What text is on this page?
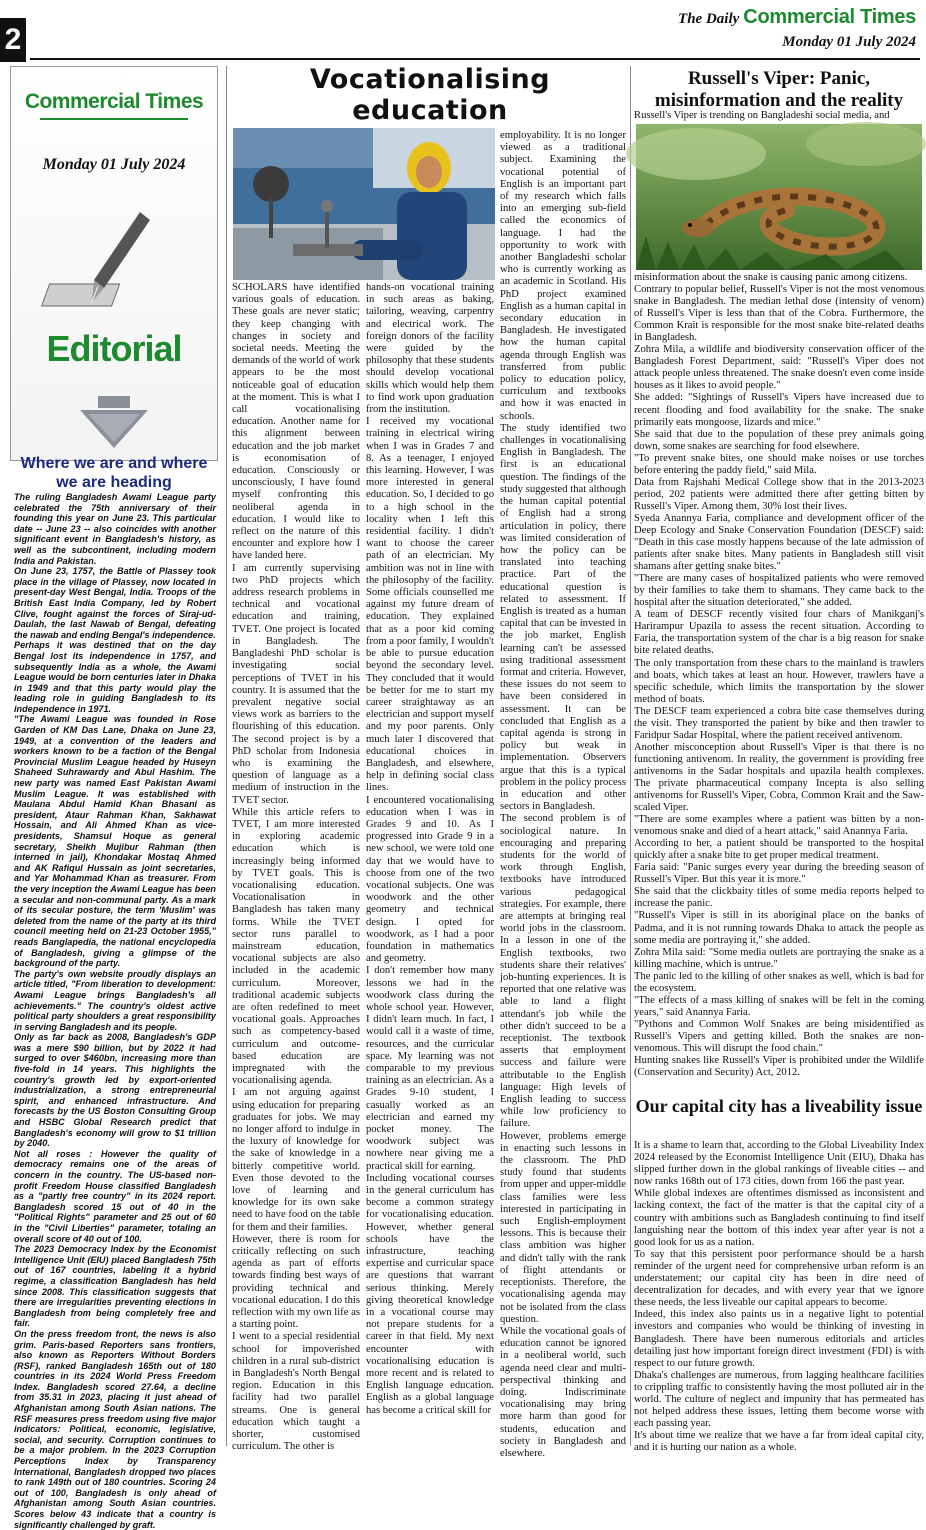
2
The Daily Commercial Times
Monday 01 July 2024
Commercial Times
Monday 01 July 2024
Editorial
Where we are and where we are heading

The ruling Bangladesh Awami League party celebrated the 75th anniversary of their founding this year on June 23. This particular date -- June 23 -- also coincides with another significant event in Bangladesh's history, as well as the subcontinent, including modern India and Pakistan.

On June 23, 1757, the Battle of Plassey took place in the village of Plassey, now located in present-day West Bengal, India. Troops of the British East India Company, led by Robert Clive, fought against the forces of Siraj-ud-Daulah, the last Nawab of Bengal, defeating the nawab and ending Bengal's independence.

Perhaps it was destined that on the day Bengal lost its independence in 1757, and subsequently India as a whole, the Awami League would be born centuries later in Dhaka in 1949 and that this party would play the leading role in guiding Bangladesh to its independence in 1971.

"The Awami League was founded in Rose Garden of KM Das Lane, Dhaka on June 23, 1949, at a convention of the leaders and workers known to be a faction of the Bengal Provincial Muslim League headed by Huseyn Shaheed Suhrawardy and Abul Hashim. The new party was named East Pakistan Awami Muslim League. It was established with Maulana Abdul Hamid Khan Bhasani as president, Ataur Rahman Khan, Sakhawat Hossain, and Ali Ahmed Khan as vice-presidents, Shamsul Hoque as general secretary, Sheikh Mujibur Rahman (then interned in jail), Khondakar Mostaq Ahmed and AK Rafiqul Hussain as joint secretaries, and Yar Mohammad Khan as treasurer. From the very inception the Awami League has been a secular and non-communal party. As a mark of its secular posture, the term 'Muslim' was deleted from the name of the party at its third council meeting held on 21-23 October 1955," reads Banglapedia, the national encyclopedia of Bangladesh, giving a glimpse of the background of the party.

The party's own website proudly displays an article titled, "From liberation to development: Awami League brings Bangladesh's all achievements." The country's oldest active political party shoulders a great responsibility in serving Bangladesh and its people.

Only as far back as 2008, Bangladesh's GDP was a mere $90 billion, but by 2022 it had surged to over $460bn, increasing more than five-fold in 14 years. This highlights the country's growth led by export-oriented industrialization, a strong entrepreneurial spirit, and enhanced infrastructure. And forecasts by the US Boston Consulting Group and HSBC Global Research predict that Bangladesh's economy will grow to $1 trillion by 2040.

Not all roses : However the quality of democracy remains one of the areas of concern in the country. The US-based non-profit Freedom House classified Bangladesh as a "partly free country" in its 2024 report. Bangladesh scored 15 out of 40 in the "Political Rights" parameter and 25 out of 60 in the "Civil Liberties" parameter, totaling an overall score of 40 out of 100.

The 2023 Democracy Index by the Economist Intelligence Unit (EIU) placed Bangladesh 75th out of 167 countries, labeling it a hybrid regime, a classification Bangladesh has held since 2008. This classification suggests that there are irregularities preventing elections in Bangladesh from being completely free and fair.

On the press freedom front, the news is also grim. Paris-based Reporters sans frontiers, also known as Reporters Without Borders (RSF), ranked Bangladesh 165th out of 180 countries in its 2024 World Press Freedom Index. Bangladesh scored 27.64, a decline from 35.31 in 2023, placing it just ahead of Afghanistan among South Asian nations. The RSF measures press freedom using five major indicators: Political, economic, legislative, social, and security. Corruption continues to be a major problem. In the 2023 Corruption Perceptions Index by Transparency International, Bangladesh dropped two places to rank 149th out of 180 countries. Scoring 24 out of 100, Bangladesh is only ahead of Afghanistan among South Asian countries. Scores below 43 indicate that a country is significantly challenged by graft.

Vocationalising education

SCHOLARS have identified various goals of education. These goals are never static; they keep changing with changes in society and societal needs. Meeting the demands of the world of work appears to be the most noticeable goal of education at the moment. This is what I call vocationalising education. Another name for this alignment between education and the job market is economisation of education. Consciously or unconsciously, I have found myself confronting this neoliberal agenda in education. I would like to reflect on the nature of this encounter and explore how I have landed here.

I am currently supervising two PhD projects which address research problems in technical and vocational education and training, TVET. One project is located in Bangladesh. The Bangladeshi PhD scholar is investigating social perceptions of TVET in his country. It is assumed that the prevalent negative social views work as barriers to the flourishing of this education. The second project is by a PhD scholar from Indonesia who is examining the question of language as a medium of instruction in the TVET sector.

While this article refers to TVET, I am more interested in exploring academic education which is increasingly being informed by TVET goals. This is vocationalising education. Vocationalisation in Bangladesh has taken many forms. While the TVET sector runs parallel to mainstream education, vocational subjects are also included in the academic curriculum. Moreover, traditional academic subjects are often redefined to meet vocational goals. Approaches such as competency-based curriculum and outcome-based education are impregnated with the vocationalising agenda.

I am not arguing against using education for preparing graduates for jobs. We may no longer afford to indulge in the luxury of knowledge for the sake of knowledge in a bitterly competitive world. Even those devoted to the love of learning and knowledge for its own sake need to have food on the table for them and their families.

However, there is room for critically reflecting on such agenda as part of efforts towards finding best ways of providing technical and vocational education. I do this reflection with my own life as a starting point.

I went to a special residential school for impoverished children in a rural sub-district in Bangladesh's North Bengal region. Education in this facility had two parallel streams. One is general education which taught a shorter, customised curriculum. The other is

hands-on vocational training in such areas as baking, tailoring, weaving, carpentry and electrical work. The foreign donors of the facility were guided by the philosophy that these students should develop vocational skills which would help them to find work upon graduation from the institution.

I received my vocational training in electrical wiring when I was in Grades 7 and 8. As a teenager, I enjoyed this learning. However, I was more interested in general education. So, I decided to go to a high school in the locality when I left this residential facility. I didn't want to choose the career path of an electrician. My ambition was not in line with the philosophy of the facility. Some officials counselled me against my future dream of education. They explained that as a poor kid coming from a poor family, I wouldn't be able to pursue education beyond the secondary level. They concluded that it would be better for me to start my career straightaway as an electrician and support myself and my poor parents. Only much later I discovered that educational choices in Bangladesh, and elsewhere, help in defining social class lines.

I encountered vocationalising education when I was in Grades 9 and 10. As I progressed into Grade 9 in a new school, we were told one day that we would have to choose from one of the two vocational subjects. One was woodwork and the other geometry and technical design. I opted for woodwork, as I had a poor foundation in mathematics and geometry.

I don't remember how many lessons we had in the woodwork class during the whole school year. However, I didn't learn much. In fact, I would call it a waste of time, resources, and the curricular space. My learning was not comparable to my previous training as an electrician. As a Grades 9-10 student, I casually worked as an electrician and earned my pocket money. The woodwork subject was nowhere near giving me a practical skill for earning.

Including vocational courses in the general curriculum has become a common strategy for vocationalising education. However, whether general schools have the infrastructure, teaching expertise and curricular space are questions that warrant serious thinking. Merely giving theoretical knowledge in a vocational course may not prepare students for a career in that field. My next encounter with vocationalising education is more recent and is related to English language education. English as a global language has become a critical skill for

employability. It is no longer viewed as a traditional subject. Examining the vocational potential of English is an important part of my research which falls into an emerging sub-field called the economics of language. I had the opportunity to work with another Bangladeshi scholar who is currently working as an academic in Scotland. His PhD project examined English as a human capital in secondary education in Bangladesh. He investigated how the human capital agenda through English was transferred from public policy to education policy, curriculum and textbooks and how it was enacted in schools.

The study identified two challenges in vocationalising English in Bangladesh. The first is an educational question. The findings of the study suggested that although the human capital potential of English had a strong articulation in policy, there was limited consideration of how the policy can be translated into teaching practice. Part of the educational question is related to assessment. If English is treated as a human capital that can be invested in the job market, English learning can't be assessed using traditional assessment format and criteria. However, these issues do not seem to have been considered in assessment. It can be concluded that English as a capital agenda is strong in policy but weak in implementation. Observers argue that this is a typical problem in the policy process in education and other sectors in Bangladesh.

The second problem is of sociological nature. In encouraging and preparing students for the world of work through English, textbooks have introduced various pedagogical strategies. For example, there are attempts at bringing real world jobs in the classroom. In a lesson in one of the English textbooks, two students share their relatives' job-hunting experiences. It is reported that one relative was able to land a flight attendant's job while the other didn't succeed to be a receptionist. The textbook asserts that employment success and failure were attributable to the English language: High levels of English leading to success while low proficiency to failure.

However, problems emerge in enacting such lessons in the classroom. The PhD study found that students from upper and upper-middle class families were less interested in participating in such English-employment lessons. This is because their class ambition was higher and didn't tally with the rank of flight attendants or receptionists. Therefore, the vocationalising agenda may not be isolated from the class question.

While the vocational goals of education cannot be ignored in a neoliberal world, such agenda need clear and multi-perspectival thinking and doing. Indiscriminate vocationalising may bring more harm than good for students, education and society in Bangladesh and elsewhere.

Russell's Viper: Panic, misinformation and the reality
Russell's Viper is trending on Bangladeshi social media, and

misinformation about the snake is causing panic among citizens.

Contrary to popular belief, Russell's Viper is not the most venomous snake in Bangladesh. The median lethal dose (intensity of venom) of Russell's Viper is less than that of the Cobra. Furthermore, the Common Krait is responsible for the most snake bite-related deaths in Bangladesh.

Zohra Mila, a wildlife and biodiversity conservation officer of the Bangladesh Forest Department, said: "Russell's Viper does not attack people unless threatened. The snake doesn't even come inside houses as it likes to avoid people."

She added: "Sightings of Russell's Vipers have increased due to recent flooding and food availability for the snake. The snake primarily eats mongoose, lizards and mice."

She said that due to the population of these prey animals going down, some snakes are searching for food elsewhere.

"To prevent snake bites, one should make noises or use torches before entering the paddy field," said Mila.

Data from Rajshahi Medical College show that in the 2013-2023 period, 202 patients were admitted there after getting bitten by Russell's Viper. Among them, 30% lost their lives.

Syeda Anannya Faria, compliance and development officer of the Deep Ecology and Snake Conservation Foundation (DESCF) said: "Death in this case mostly happens because of the late admission of patients after snake bites. Many patients in Bangladesh still visit shamans after getting snake bites."

"There are many cases of hospitalized patients who were removed by their families to take them to shamans. They came back to the hospital after the situation deteriorated," she added.

A team of DESCF recently visited four chars of Manikganj's Harirampur Upazila to assess the recent situation. According to Faria, the transportation system of the char is a big reason for snake bite related deaths.

The only transportation from these chars to the mainland is trawlers and boats, which takes at least an hour. However, trawlers have a specific schedule, which limits the transportation by the slower method of boats.

The DESCF team experienced a cobra bite case themselves during the visit. They transported the patient by bike and then trawler to Faridpur Sadar Hospital, where the patient received antivenom.

Another misconception about Russell's Viper is that there is no functioning antivenom. In reality, the government is providing free antivenoms in the Sadar hospitals and upazila health complexes. The private pharmaceutical company Incepta is also selling antivenoms for Russell's Viper, Cobra, Common Krait and the Saw-scaled Viper.

"There are some examples where a patient was bitten by a non-venomous snake and died of a heart attack," said Anannya Faria.

According to her, a patient should be transported to the hospital quickly after a snake bite to get proper medical treatment.

Faria said: "Panic surges every year during the breeding season of Russell's Viper. But this year it is more."

She said that the clickbaity titles of some media reports helped to increase the panic.

"Russell's Viper is still in its aboriginal place on the banks of Padma, and it is not running towards Dhaka to attack the people as some media are portraying it," she added.

Zohra Mila said: "Some media outlets are portraying the snake as a killing machine, which is untrue."

The panic led to the killing of other snakes as well, which is bad for the ecosystem.

"The effects of a mass killing of snakes will be felt in the coming years," said Anannya Faria.

"Pythons and Common Wolf Snakes are being misidentified as Russell's Vipers and getting killed. Both the snakes are non-venomous. This will disrupt the food chain."

Hunting snakes like Russell's Viper is prohibited under the Wildlife (Conservation and Security) Act, 2012.

Our capital city has a liveability issue

It is a shame to learn that, according to the Global Liveability Index 2024 released by the Economist Intelligence Unit (EIU), Dhaka has slipped further down in the global rankings of liveable cities -- and now ranks 168th out of 173 cities, down from 166 the past year.

While global indexes are oftentimes dismissed as inconsistent and lacking context, the fact of the matter is that the capital city of a country with ambitions such as Bangladesh continuing to find itself languishing near the bottom of this index year after year is not a good look for us as a nation.

To say that this persistent poor performance should be a harsh reminder of the urgent need for comprehensive urban reform is an understatement; our capital city has been in dire need of decentralization for decades, and with every year that we ignore these needs, the less liveable our capital appears to become.

Indeed, this index also paints us in a negative light to potential investors and companies who would be thinking of investing in Bangladesh. There have been numerous editorials and articles detailing just how important foreign direct investment (FDI) is with respect to our future growth.

Dhaka's challenges are numerous, from lagging healthcare facilities to crippling traffic to consistently having the most polluted air in the world. The culture of neglect and impunity that has permeated has not helped address these issues, letting them become worse with each passing year.

It's about time we realize that we have a far from ideal capital city, and it is hurting our nation as a whole.
